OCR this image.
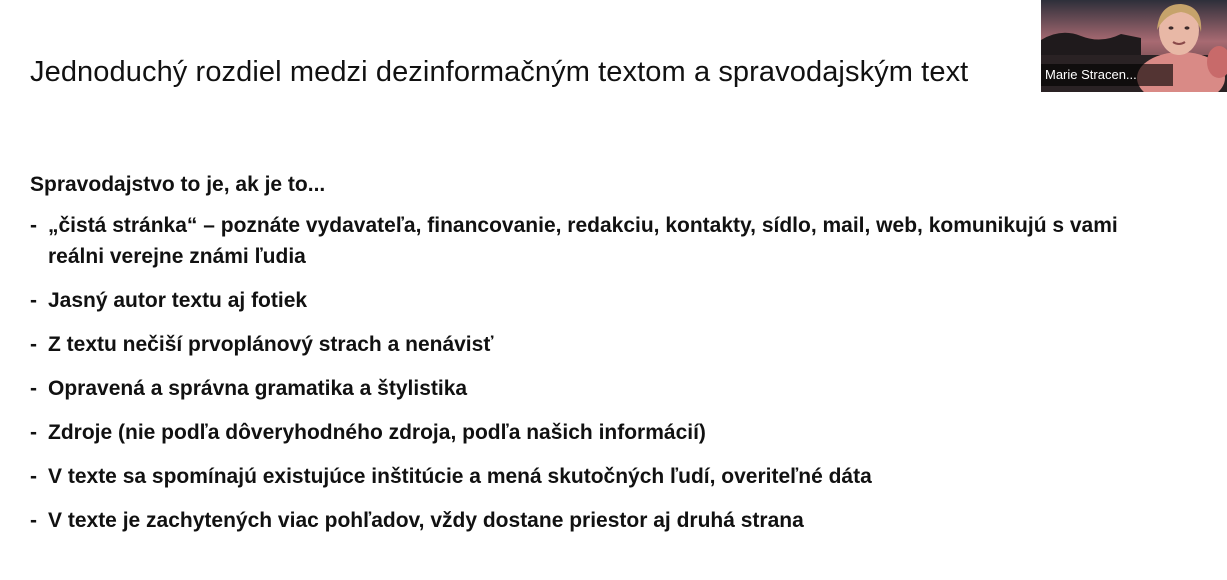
Jednoduchý rozdiel medzi dezinformačným textom a spravodajským text
Spravodajstvo to je, ak je to...
- „čistá stránka“ – poznáte vydavateľa, financovanie, redakciu, kontakty, sídlo, mail, web, komunikujú s vami reálni verejne známi ľudia
- Jasný autor textu aj fotiek
- Z textu nečiší prvoplánový strach a nenávisť
- Opravená a správna gramatika a štylistika
- Zdroje (nie podľa dôveryhodného zdroja, podľa našich informácií)
- V texte sa spomínajú existujúce inštitúcie a mená skutočných ľudí, overiteľné dáta
- V texte je zachytených viac pohľadov, vždy dostane priestor aj druhá strana
Marie Stracen...
